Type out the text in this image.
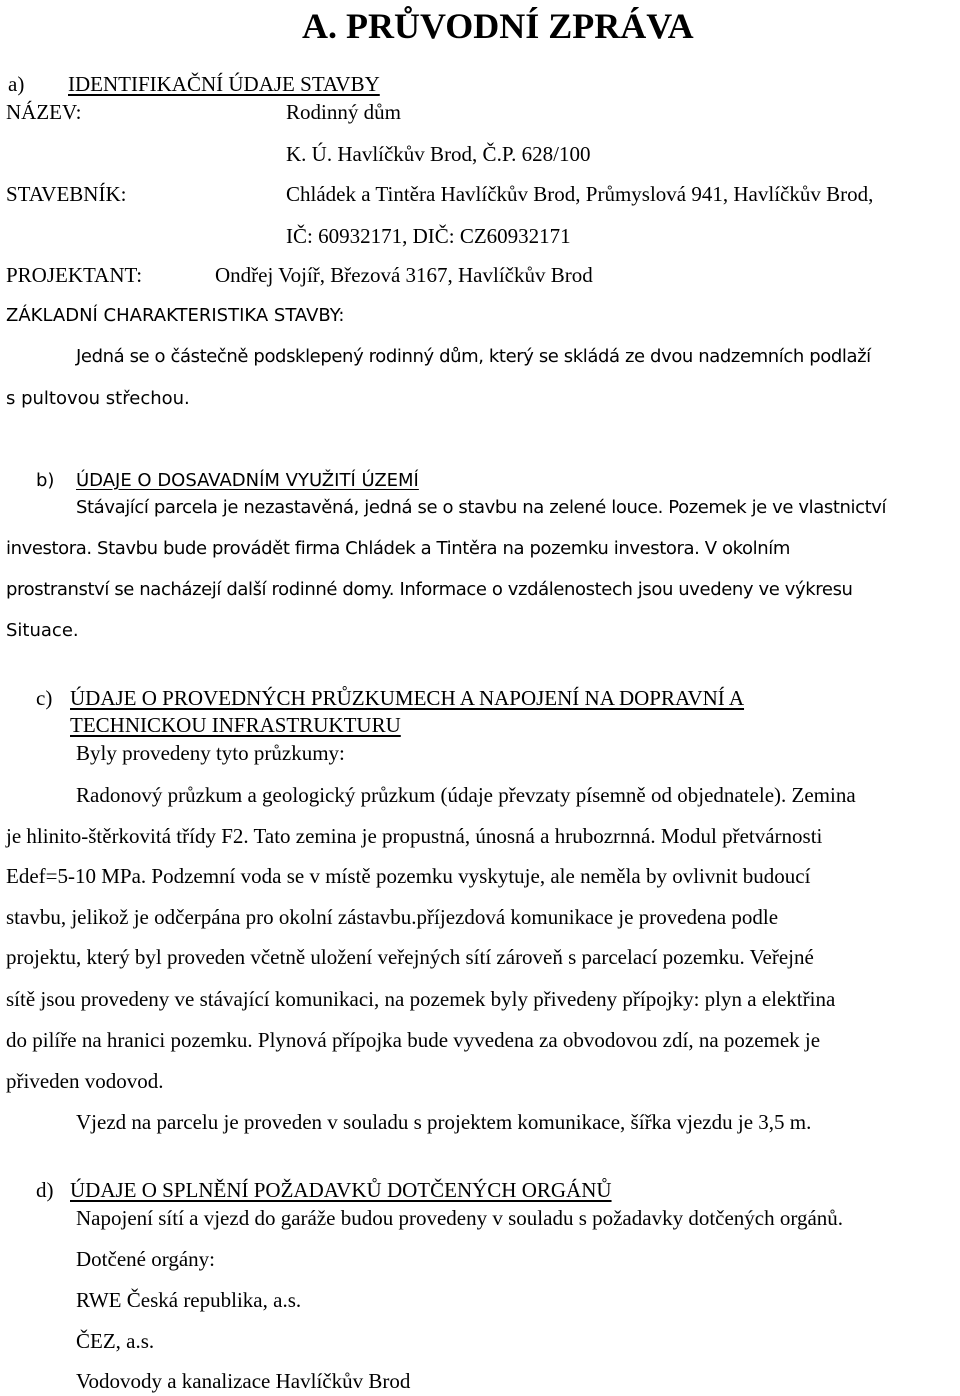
A. PRŮVODNÍ ZPRÁVA
a) IDENTIFIKAČNÍ ÚDAJE STAVBY
NÁZEV:	Rodinný dům
K. Ú. Havlíčkův Brod, Č.P. 628/100
STAVEBNÍK:	Chládek a Tintěra Havlíčkův Brod, Průmyslová 941, Havlíčkův Brod,
IČ: 60932171, DIČ: CZ60932171
PROJEKTANT:	Ondřej Vojíř, Březová 3167, Havlíčkův Brod
ZÁKLADNÍ CHARAKTERISTIKA STAVBY:
Jedná se o částečně podsklepený rodinný dům, který se skládá ze dvou nadzemních podlaží
s pultovou střechou.
b) ÚDAJE O DOSAVADNÍM VYUŽITÍ ÚZEMÍ
Stávající parcela je nezastavěná, jedná se o stavbu na zelené louce. Pozemek je ve vlastnictví
investora. Stavbu bude provádět firma Chládek a Tintěra na pozemku investora. V okolním
prostranství se nacházejí další rodinné domy. Informace o vzdálenostech jsou uvedeny ve výkresu
Situace.
c) ÚDAJE O PROVEDNÝCH PRŮZKUMECH A NAPOJENÍ NA DOPRAVNÍ A
TECHNICKOU INFRASTRUKTURU
Byly provedeny tyto průzkumy:
Radonový průzkum a geologický průzkum (údaje převzaty písemně od objednatele). Zemina
je hlinito-štěrkovitá třídy F2. Tato zemina je propustná, únosná a hrubozrnná. Modul přetvárnosti
Edef=5-10 MPa. Podzemní voda se v místě pozemku vyskytuje, ale neměla by ovlivnit budoucí
stavbu, jelikož je odčerpána pro okolní zástavbu.příjezdová komunikace je provedena podle
projektu, který byl proveden včetně uložení veřejných sítí zároveň s parcelací pozemku. Veřejné
sítě jsou provedeny ve stávající komunikaci, na pozemek byly přivedeny přípojky: plyn a elektřina
do pilíře na hranici pozemku. Plynová přípojka bude vyvedena za obvodovou zdí, na pozemek je
přiveden vodovod.
Vjezd na parcelu je proveden v souladu s projektem komunikace, šířka vjezdu je 3,5 m.
d) ÚDAJE O SPLNĚNÍ POŽADAVKŮ DOTČENÝCH ORGÁNŮ
Napojení sítí a vjezd do garáže budou provedeny v souladu s požadavky dotčených orgánů.
Dotčené orgány:
RWE Česká republika, a.s.
ČEZ, a.s.
Vodovody a kanalizace Havlíčkův Brod
